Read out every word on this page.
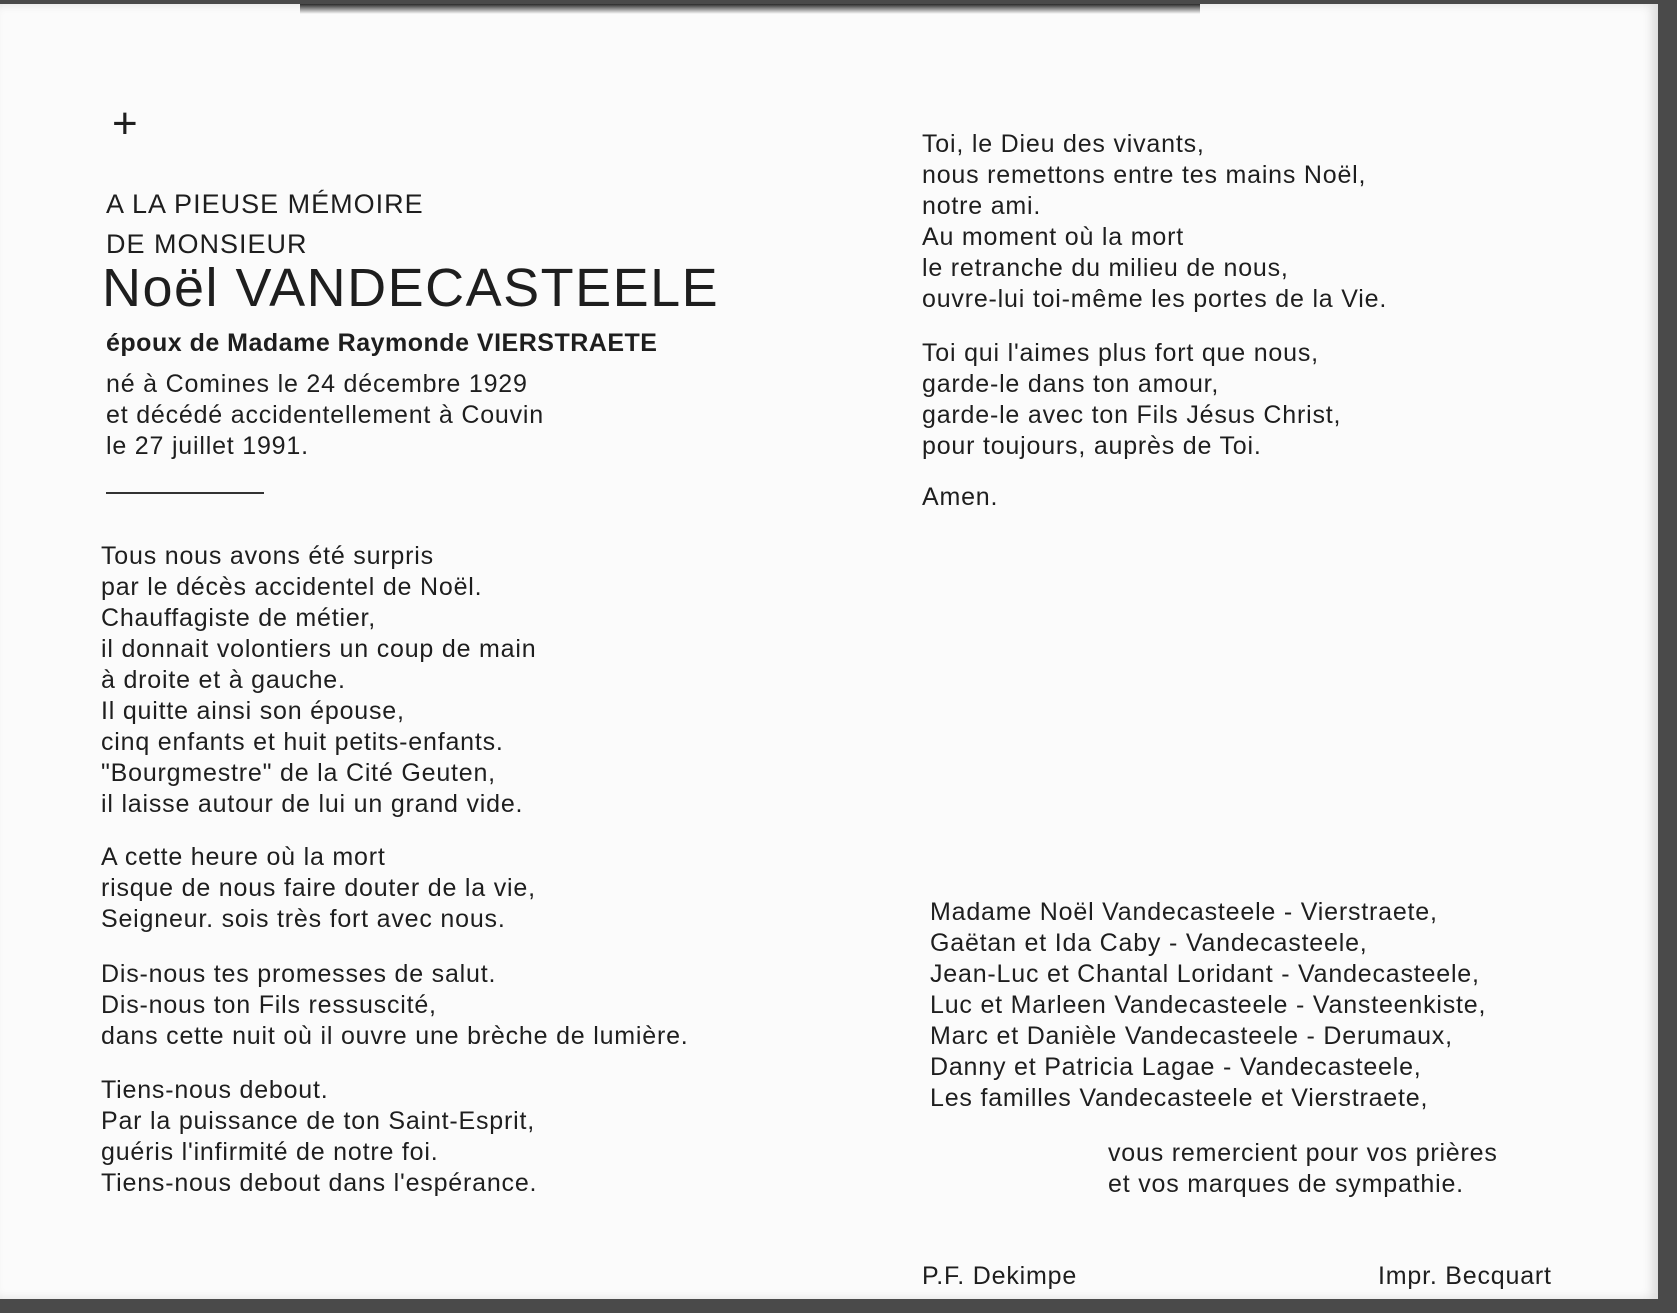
+
A LA PIEUSE MÉMOIRE
DE MONSIEUR
Noël VANDECASTEELE
époux de Madame Raymonde VIERSTRAETE
né à Comines le 24 décembre 1929
et décédé accidentellement à Couvin
le 27 juillet 1991.
Tous nous avons été surpris
par le décès accidentel de Noël.
Chauffagiste de métier,
il donnait volontiers un coup de main
à droite et à gauche.
Il quitte ainsi son épouse,
cinq enfants et huit petits-enfants.
"Bourgmestre" de la Cité Geuten,
il laisse autour de lui un grand vide.
A cette heure où la mort
risque de nous faire douter de la vie,
Seigneur. sois très fort avec nous.
Dis-nous tes promesses de salut.
Dis-nous ton Fils ressuscité,
dans cette nuit où il ouvre une brèche de lumière.
Tiens-nous debout.
Par la puissance de ton Saint-Esprit,
guéris l'infirmité de notre foi.
Tiens-nous debout dans l'espérance.
Toi, le Dieu des vivants,
nous remettons entre tes mains Noël,
notre ami.
Au moment où la mort
le retranche du milieu de nous,
ouvre-lui toi-même les portes de la Vie.
Toi qui l'aimes plus fort que nous,
garde-le dans ton amour,
garde-le avec ton Fils Jésus Christ,
pour toujours, auprès de Toi.
Amen.
Madame Noël Vandecasteele - Vierstraete,
Gaëtan et Ida Caby - Vandecasteele,
Jean-Luc et Chantal Loridant - Vandecasteele,
Luc et Marleen Vandecasteele - Vansteenkiste,
Marc et Danièle Vandecasteele - Derumaux,
Danny et Patricia Lagae - Vandecasteele,
Les familles Vandecasteele et Vierstraete,
vous remercient pour vos prières
et vos marques de sympathie.
P.F. Dekimpe	Impr. Becquart
